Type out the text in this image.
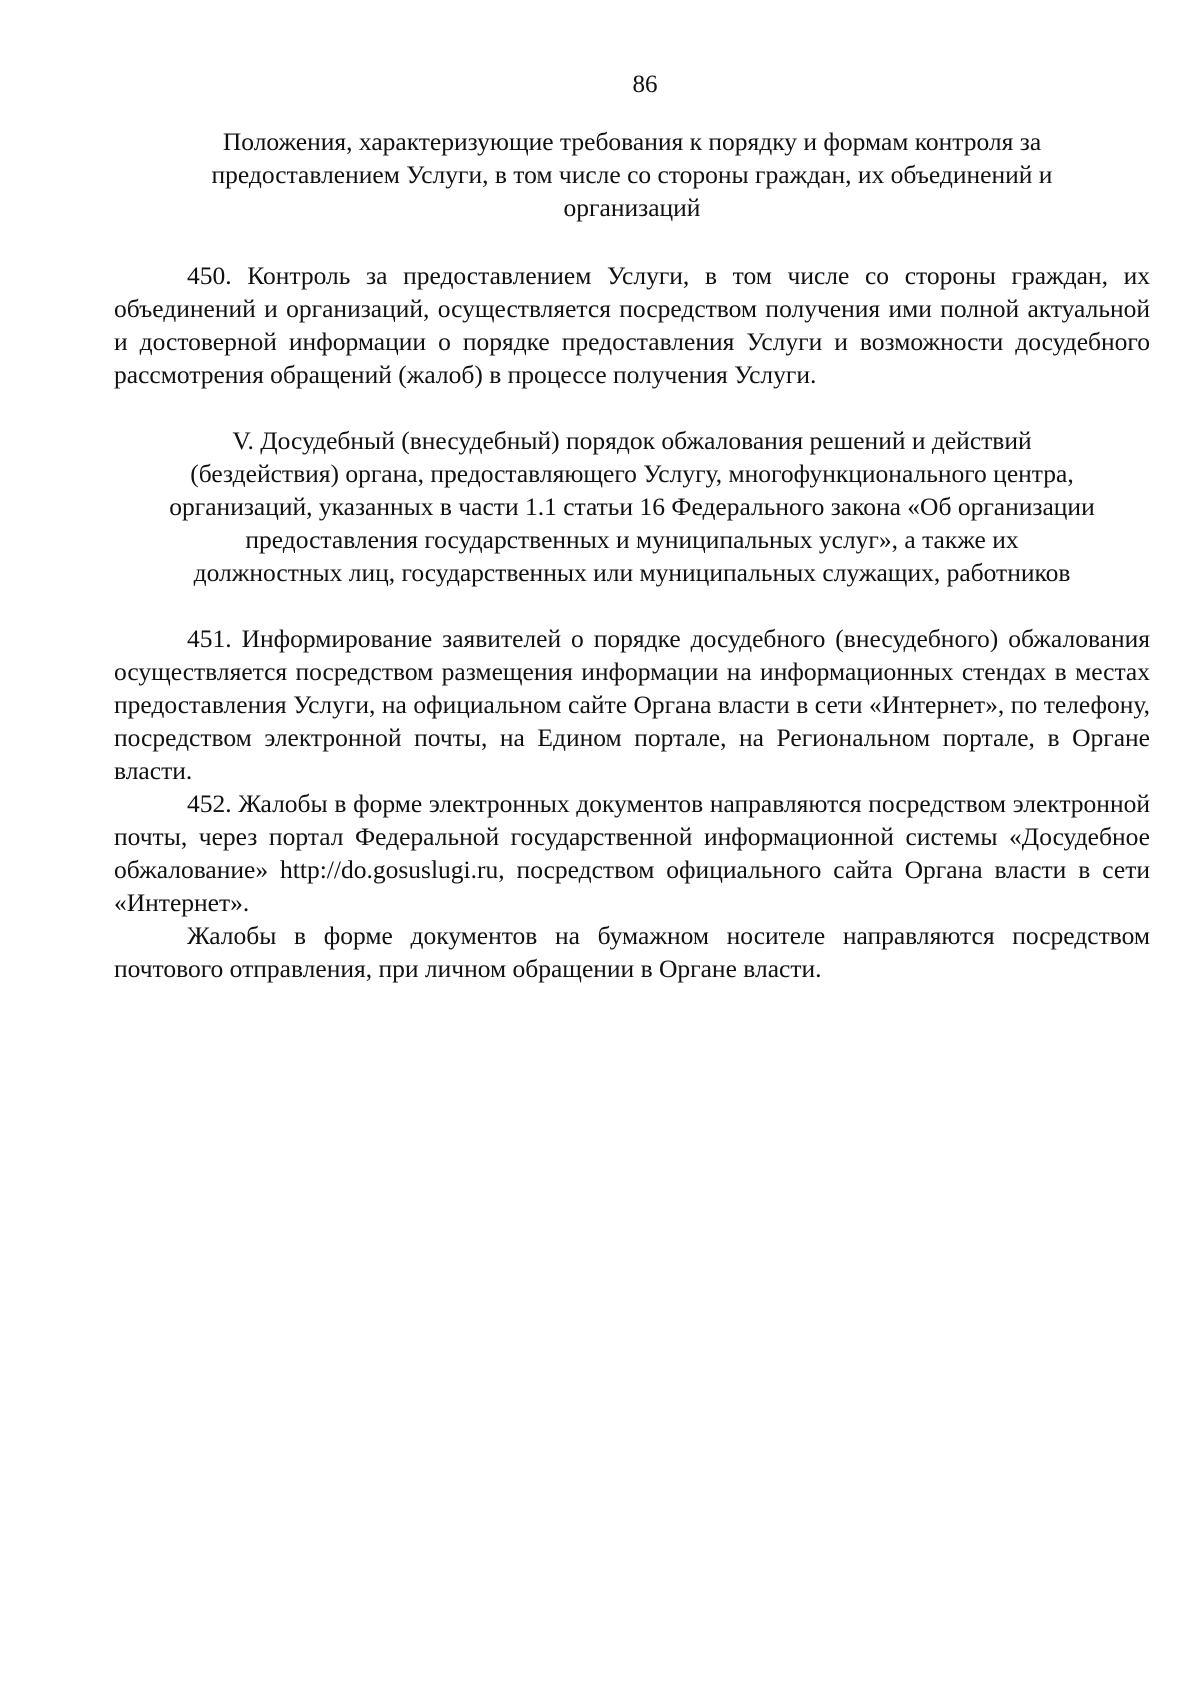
86
Положения, характеризующие требования к порядку и формам контроля за
предоставлением Услуги, в том числе со стороны граждан, их объединений и
организаций

450. Контроль за предоставлением Услуги, в том числе со стороны граждан, их объединений и организаций, осуществляется посредством получения ими полной актуальной и достоверной информации о порядке предоставления Услуги и возможности досудебного рассмотрения обращений (жалоб) в процессе получения Услуги.

V. Досудебный (внесудебный) порядок обжалования решений и действий
(бездействия) органа, предоставляющего Услугу, многофункционального центра,
организаций, указанных в части 1.1 статьи 16 Федерального закона «Об организации
предоставления государственных и муниципальных услуг», а также их
должностных лиц, государственных или муниципальных служащих, работников

451. Информирование заявителей о порядке досудебного (внесудебного) обжалования осуществляется посредством размещения информации на информационных стендах в местах предоставления Услуги, на официальном сайте Органа власти в сети «Интернет», по телефону, посредством электронной почты, на Едином портале, на Региональном портале, в Органе власти.

452. Жалобы в форме электронных документов направляются посредством электронной почты, через портал Федеральной государственной информационной системы «Досудебное обжалование» http://do.gosuslugi.ru, посредством официального сайта Органа власти в сети «Интернет».

Жалобы в форме документов на бумажном носителе направляются посредством почтового отправления, при личном обращении в Органе власти.
